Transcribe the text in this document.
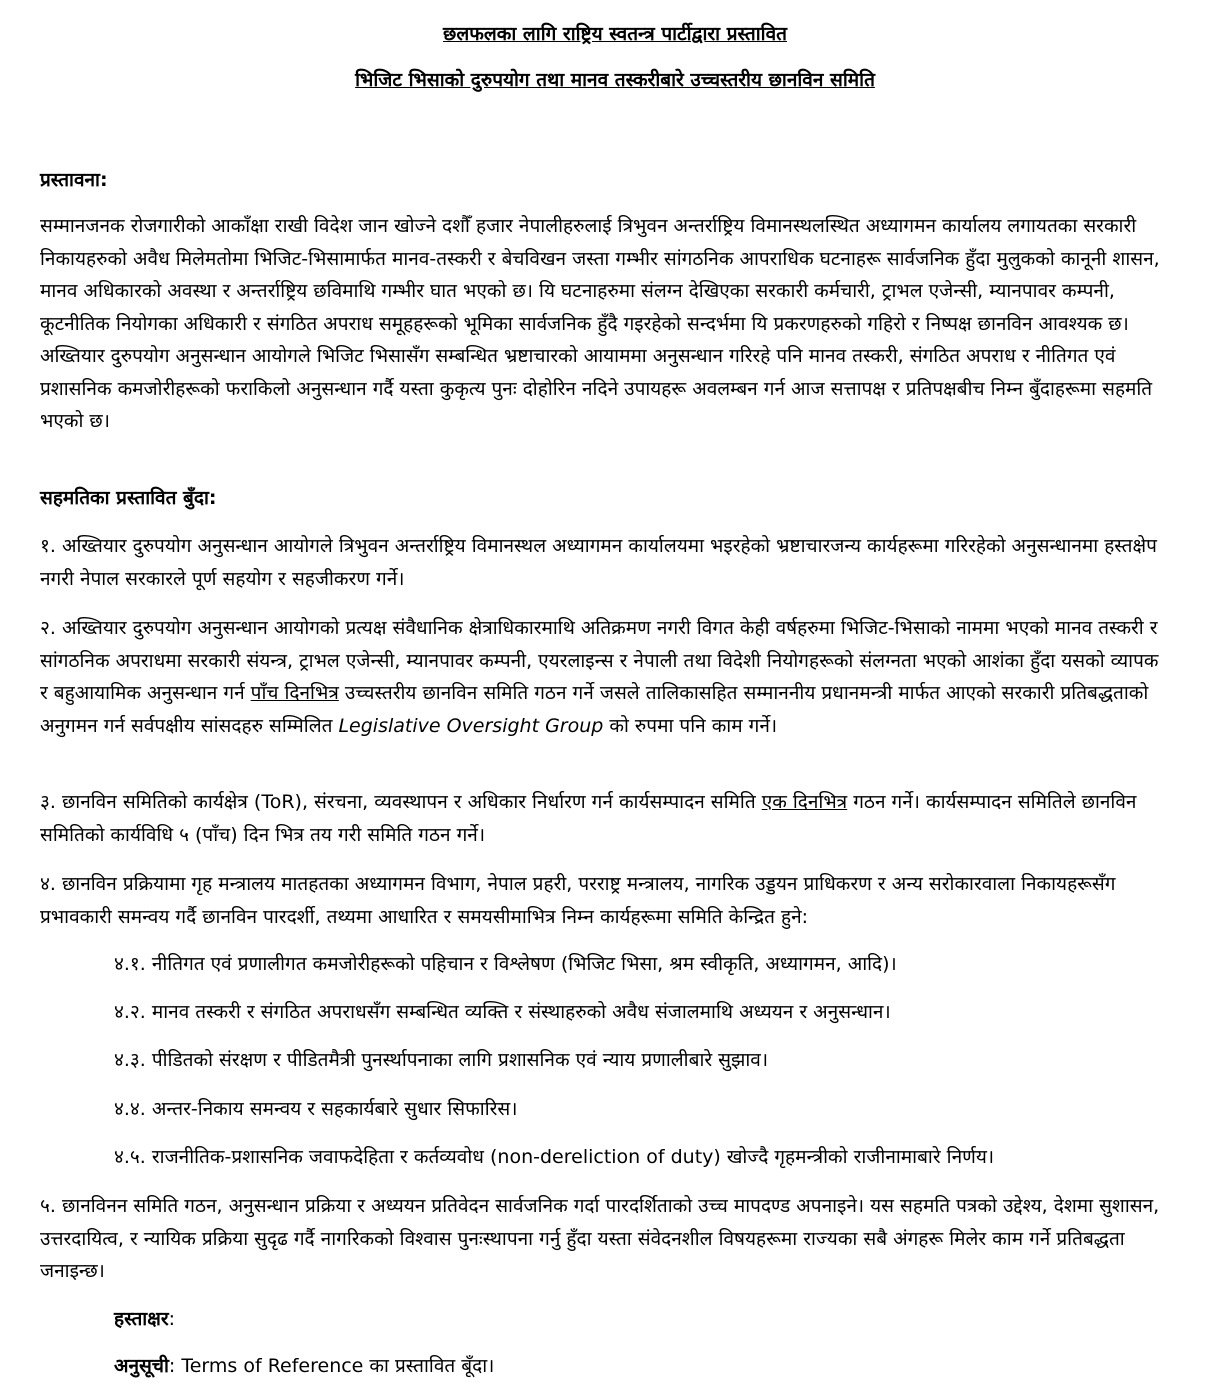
छलफलका लागि राष्ट्रिय स्वतन्त्र पार्टीद्वारा प्रस्तावित
भिजिट भिसाको दुरुपयोग तथा मानव तस्करीबारे उच्चस्तरीय छानविन समिति
प्रस्तावना:
सम्मानजनक रोजगारीको आकाँक्षा राखी विदेश जान खोज्ने दशौँ हजार नेपालीहरुलाई त्रिभुवन अन्तर्राष्ट्रिय विमानस्थलस्थित अध्यागमन कार्यालय लगायतका सरकारी निकायहरुको अवैध मिलेमतोमा भिजिट-भिसामार्फत मानव-तस्करी र बेचविखन जस्ता गम्भीर सांगठनिक आपराधिक घटनाहरू सार्वजनिक हुँदा मुलुकको कानूनी शासन, मानव अधिकारको अवस्था र अन्तर्राष्ट्रिय छविमाथि गम्भीर घात भएको छ। यि घटनाहरुमा संलग्न देखिएका सरकारी कर्मचारी, ट्राभल एजेन्सी, म्यानपावर कम्पनी, कूटनीतिक नियोगका अधिकारी र संगठित अपराध समूहहरूको भूमिका सार्वजनिक हुँदै गइरहेको सन्दर्भमा यि प्रकरणहरुको गहिरो र निष्पक्ष छानविन आवश्यक छ। अख्तियार दुरुपयोग अनुसन्धान आयोगले भिजिट भिसासँग सम्बन्धित भ्रष्टाचारको आयाममा अनुसन्धान गरिरहे पनि मानव तस्करी, संगठित अपराध र नीतिगत एवं प्रशासनिक कमजोरीहरूको फराकिलो अनुसन्धान गर्दै यस्ता कुकृत्य पुनः दोहोरिन नदिने उपायहरू अवलम्बन गर्न आज सत्तापक्ष र प्रतिपक्षबीच निम्न बुँदाहरूमा सहमति भएको छ।
सहमतिका प्रस्तावित बुँदा:
१. अख्तियार दुरुपयोग अनुसन्धान आयोगले त्रिभुवन अन्तर्राष्ट्रिय विमानस्थल अध्यागमन कार्यालयमा भइरहेको भ्रष्टाचारजन्य कार्यहरूमा गरिरहेको अनुसन्धानमा हस्तक्षेप नगरी नेपाल सरकारले पूर्ण सहयोग र सहजीकरण गर्ने।
२. अख्तियार दुरुपयोग अनुसन्धान आयोगको प्रत्यक्ष संवैधानिक क्षेत्राधिकारमाथि अतिक्रमण नगरी विगत केही वर्षहरुमा भिजिट-भिसाको नाममा भएको मानव तस्करी र सांगठनिक अपराधमा सरकारी संयन्त्र, ट्राभल एजेन्सी, म्यानपावर कम्पनी, एयरलाइन्स र नेपाली तथा विदेशी नियोगहरूको संलग्नता भएको आशंका हुँदा यसको व्यापक र बहुआयामिक अनुसन्धान गर्न पाँच दिनभित्र उच्चस्तरीय छानविन समिति गठन गर्ने जसले तालिकासहित सम्माननीय प्रधानमन्त्री मार्फत आएको सरकारी प्रतिबद्धताको अनुगमन गर्न सर्वपक्षीय सांसदहरु सम्मिलित Legislative Oversight Group को रुपमा पनि काम गर्ने।
३. छानविन समितिको कार्यक्षेत्र (ToR), संरचना, व्यवस्थापन र अधिकार निर्धारण गर्न कार्यसम्पादन समिति एक दिनभित्र गठन गर्ने। कार्यसम्पादन समितिले छानविन समितिको कार्यविधि ५ (पाँच) दिन भित्र तय गरी समिति गठन गर्ने।
४. छानविन प्रक्रियामा गृह मन्त्रालय मातहतका अध्यागमन विभाग, नेपाल प्रहरी, परराष्ट्र मन्त्रालय, नागरिक उड्डयन प्राधिकरण र अन्य सरोकारवाला निकायहरूसँग प्रभावकारी समन्वय गर्दै छानविन पारदर्शी, तथ्यमा आधारित र समयसीमाभित्र निम्न कार्यहरूमा समिति केन्द्रित हुने:
४.१. नीतिगत एवं प्रणालीगत कमजोरीहरूको पहिचान र विश्लेषण (भिजिट भिसा, श्रम स्वीकृति, अध्यागमन, आदि)।
४.२. मानव तस्करी र संगठित अपराधसँग सम्बन्धित व्यक्ति र संस्थाहरुको अवैध संजालमाथि अध्ययन र अनुसन्धान।
४.३. पीडितको संरक्षण र पीडितमैत्री पुनर्स्थापनाका लागि प्रशासनिक एवं न्याय प्रणालीबारे सुझाव।
४.४. अन्तर-निकाय समन्वय र सहकार्यबारे सुधार सिफारिस।
४.५. राजनीतिक-प्रशासनिक जवाफदेहिता र कर्तव्यवोध (non-dereliction of duty) खोज्दै गृहमन्त्रीको राजीनामाबारे निर्णय।
५. छानविनन समिति गठन, अनुसन्धान प्रक्रिया र अध्ययन प्रतिवेदन सार्वजनिक गर्दा पारदर्शिताको उच्च मापदण्ड अपनाइने। यस सहमति पत्रको उद्देश्य, देशमा सुशासन, उत्तरदायित्व, र न्यायिक प्रक्रिया सुदृढ गर्दै नागरिकको विश्वास पुनःस्थापना गर्नु हुँदा यस्ता संवेदनशील विषयहरूमा राज्यका सबै अंगहरू मिलेर काम गर्ने प्रतिबद्धता जनाइन्छ।
हस्ताक्षर:
अनुसूची: Terms of Reference का प्रस्तावित बूँदा।
